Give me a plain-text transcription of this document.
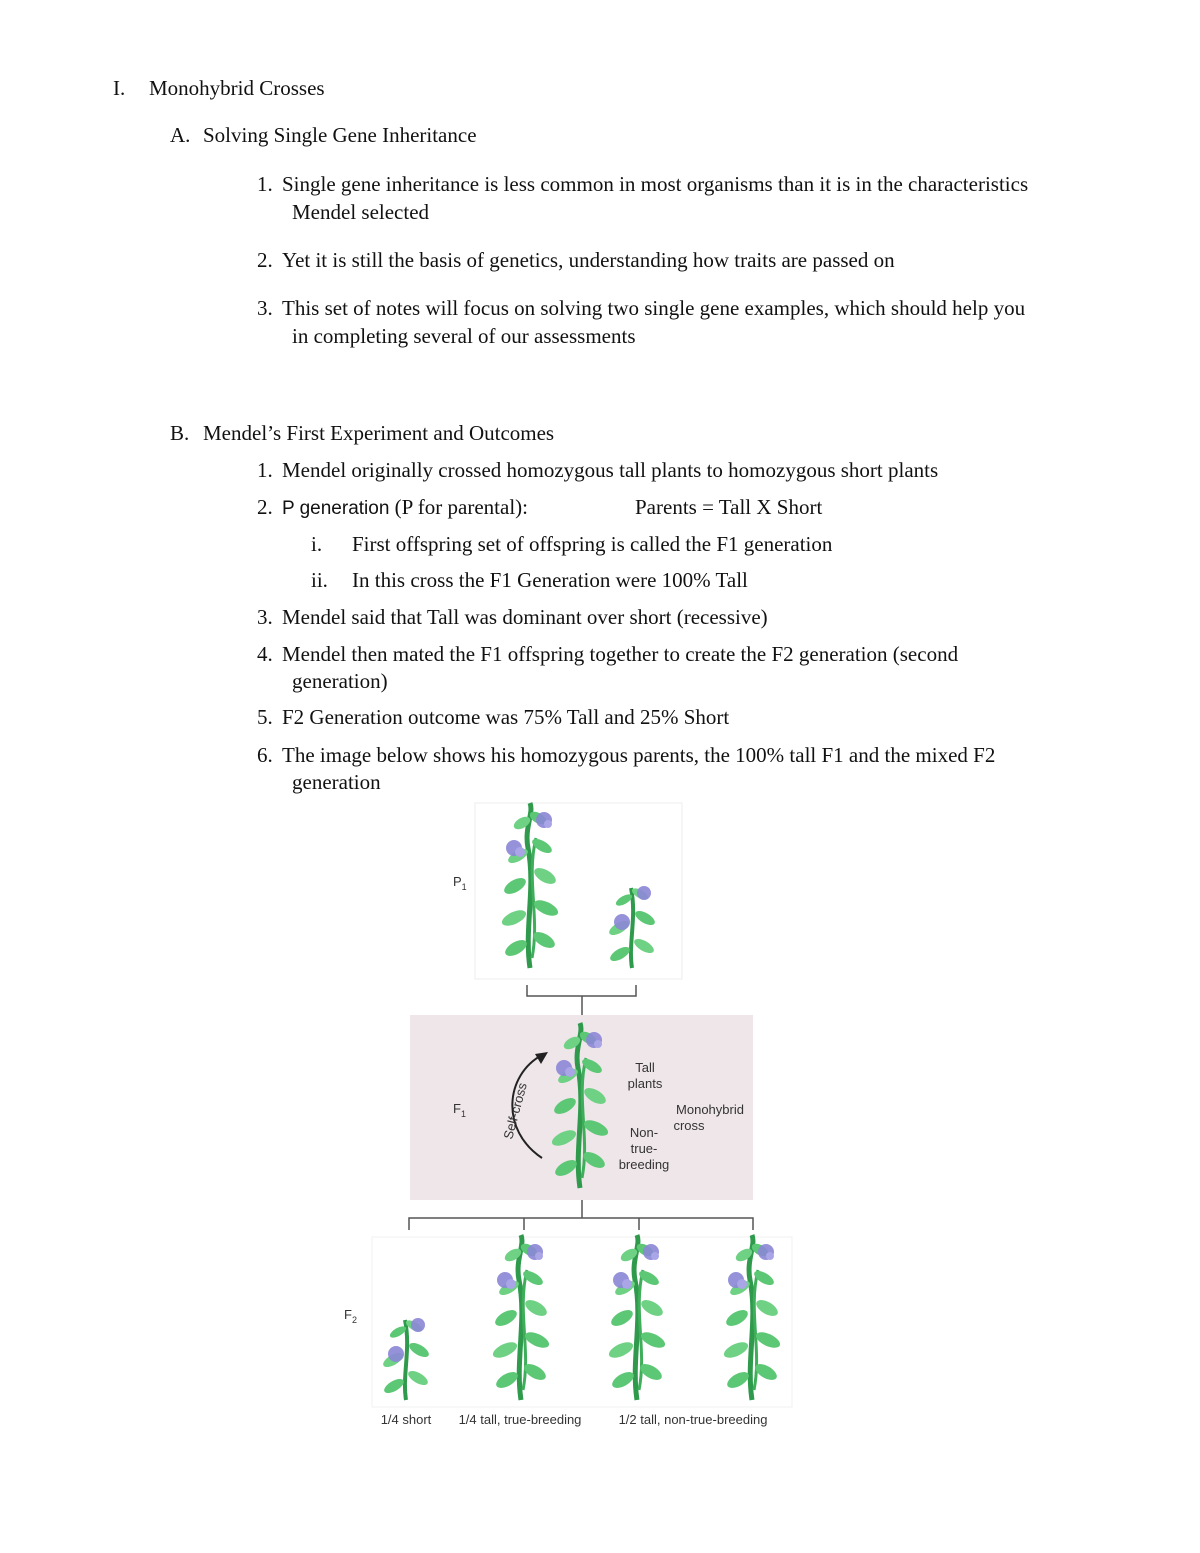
I. Monohybrid Crosses
A. Solving Single Gene Inheritance
1. Single gene inheritance is less common in most organisms than it is in the characteristics
Mendel selected
2. Yet it is still the basis of genetics, understanding how traits are passed on
3. This set of notes will focus on solving two single gene examples, which should help you
in completing several of our assessments
B. Mendel’s First Experiment and Outcomes
1. Mendel originally crossed homozygous tall plants to homozygous short plants
2. P generation (P for parental):	Parents = Tall X Short
i. First offspring set of offspring is called the F1 generation
ii. In this cross the F1 Generation were 100% Tall
3. Mendel said that Tall was dominant over short (recessive)
4. Mendel then mated the F1 offspring together to create the F2 generation (second
generation)
5. F2 Generation outcome was 75% Tall and 25% Short
6. The image below shows his homozygous parents, the 100% tall F1 and the mixed F2
generation
$P_1$
$F_1$	Self-cross
Tall
plants
Monohybrid
cross
Non-
true-
breeding
$F_2$
1/4 short 1/4 tall, true-breeding	1/2 tall, non-true-breeding
